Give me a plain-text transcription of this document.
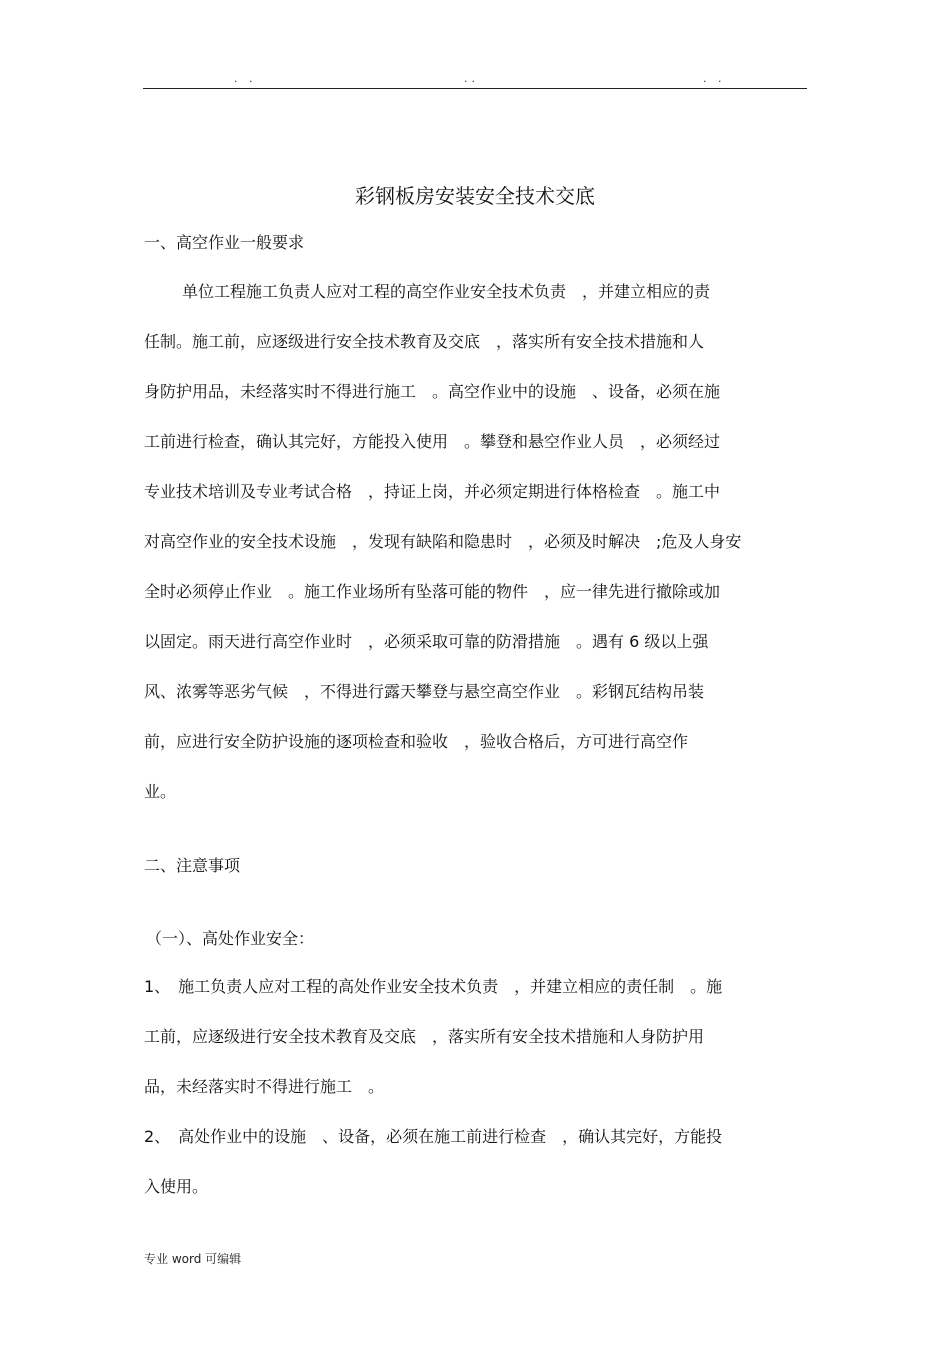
. .	..	. .
彩钢板房安装安全技术交底
一、高空作业一般要求
单位工程施工负责人应对工程的高空作业安全技术负责　，并建立相应的责
任制。施工前，应逐级进行安全技术教育及交底　，落实所有安全技术措施和人
身防护用品，未经落实时不得进行施工　。高空作业中的设施　、设备，必须在施
工前进行检查，确认其完好，方能投入使用　。攀登和悬空作业人员　，必须经过
专业技术培训及专业考试合格　，持证上岗，并必须定期进行体格检查　。施工中
对高空作业的安全技术设施　，发现有缺陷和隐患时　，必须及时解决　;危及人身安
全时必须停止作业　。施工作业场所有坠落可能的物件　，应一律先进行撤除或加
以固定。雨天进行高空作业时　，必须采取可靠的防滑措施　。遇有 6 级以上强
风、浓雾等恶劣气候　，不得进行露天攀登与悬空高空作业　。彩钢瓦结构吊装
前，应进行安全防护设施的逐项检查和验收　，验收合格后，方可进行高空作
业。
二、注意事项
（一）、高处作业安全：
1、　施工负责人应对工程的高处作业安全技术负责　，并建立相应的责任制　。施
工前，应逐级进行安全技术教育及交底　，落实所有安全技术措施和人身防护用
品，未经落实时不得进行施工　。
2、　高处作业中的设施　、设备，必须在施工前进行检查　，确认其完好，方能投
入使用。
专业 word 可编辑
